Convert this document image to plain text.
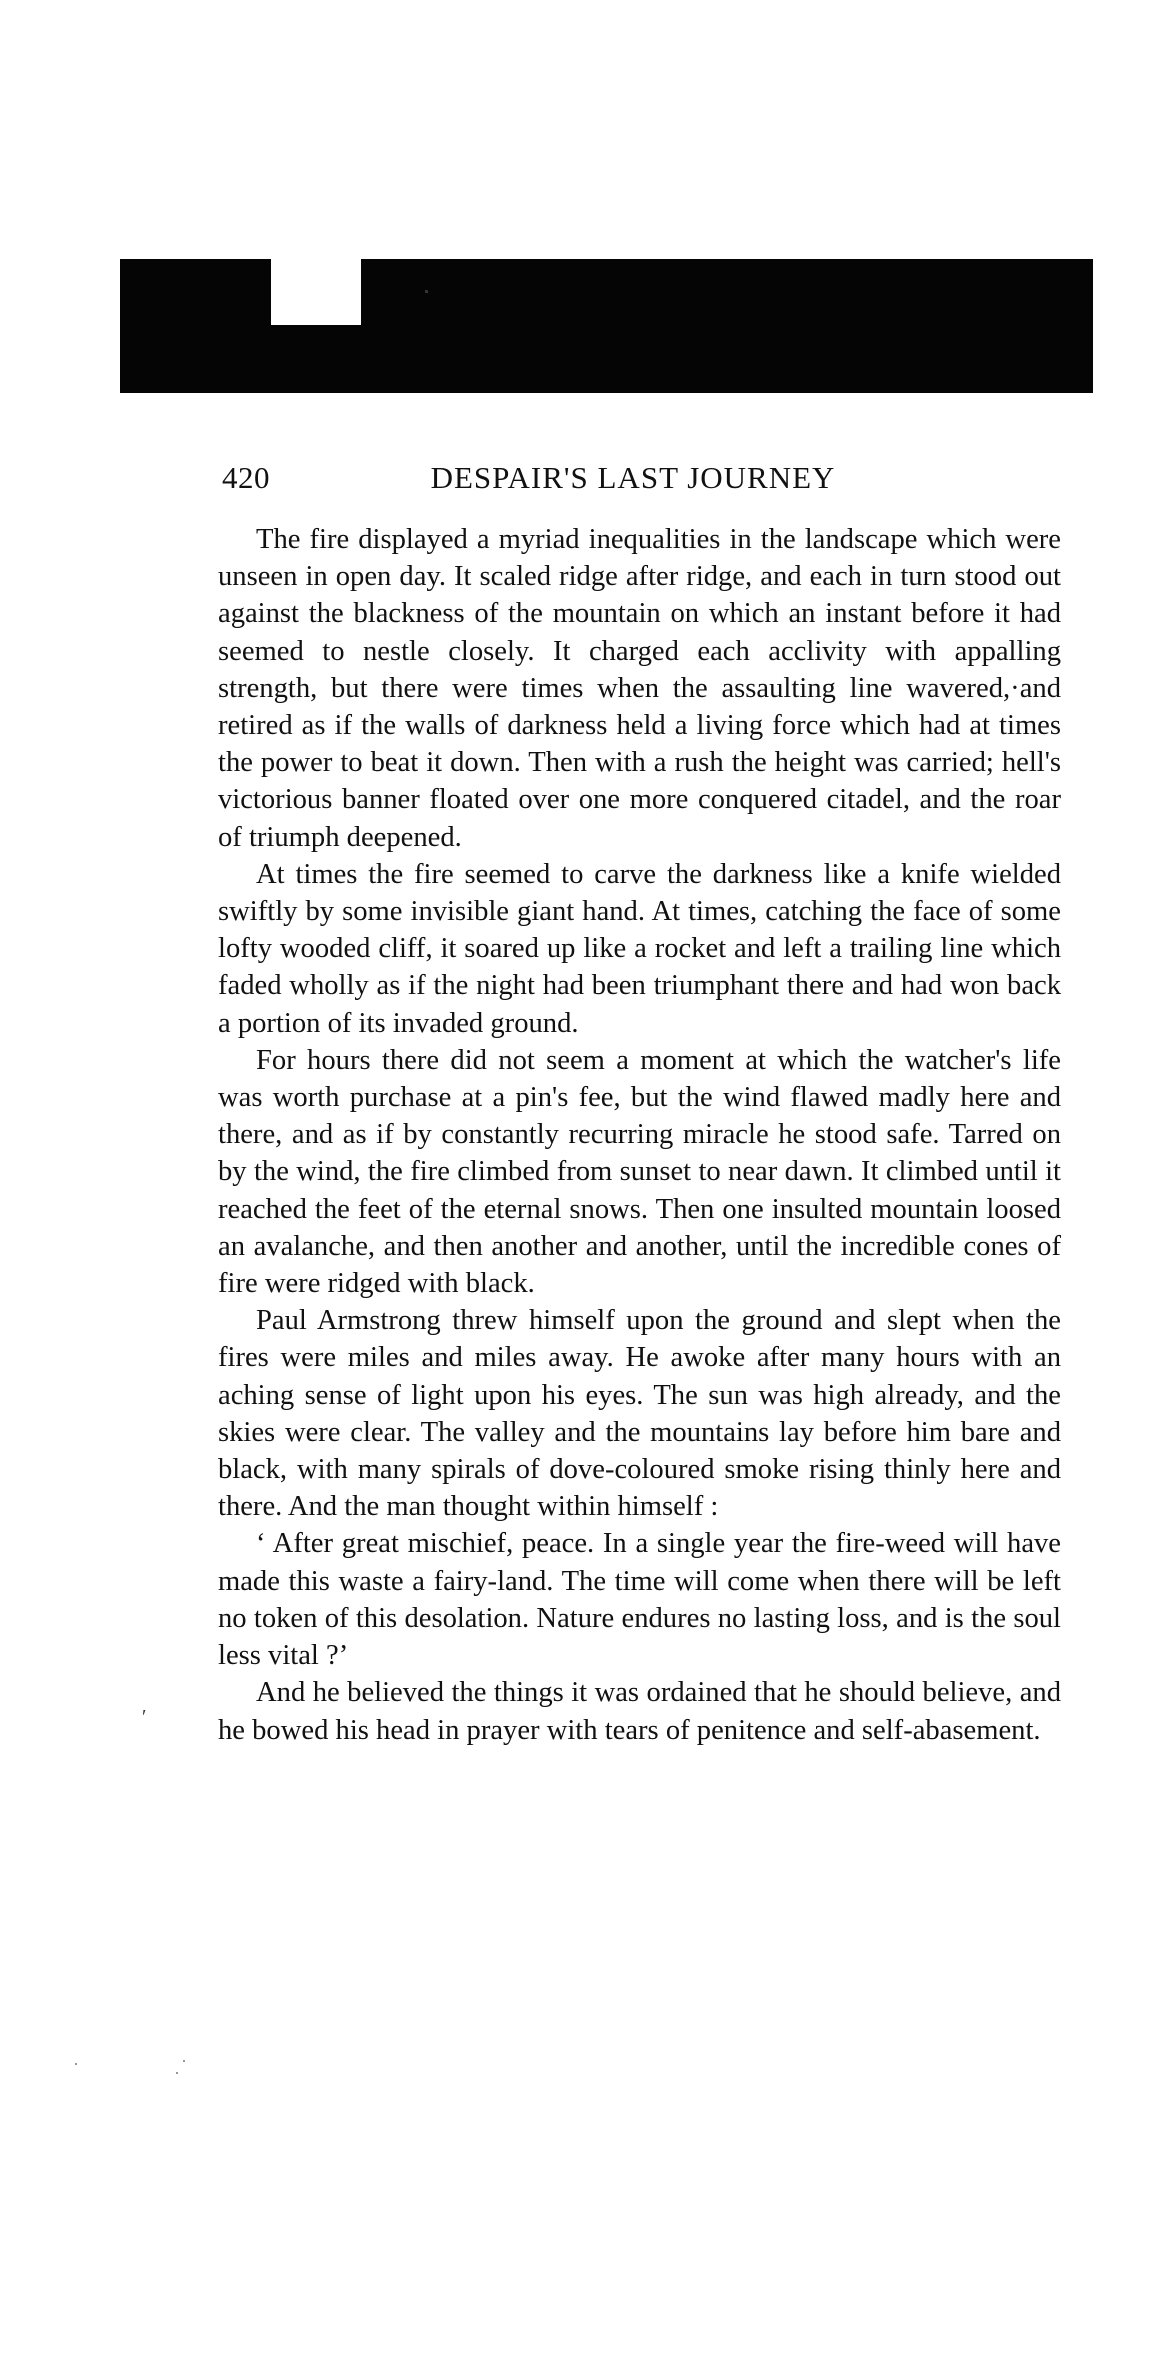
420	DESPAIR'S LAST JOURNEY

The fire displayed a myriad inequalities in the landscape which were unseen in open day. It scaled ridge after ridge, and each in turn stood out against the blackness of the mountain on which an instant before it had seemed to nestle closely. It charged each acclivity with appalling strength, but there were times when the assaulting line wavered,·and retired as if the walls of darkness held a living force which had at times the power to beat it down. Then with a rush the height was carried; hell's victorious banner floated over one more conquered citadel, and the roar of triumph deepened.

At times the fire seemed to carve the darkness like a knife wielded swiftly by some invisible giant hand. At times, catching the face of some lofty wooded cliff, it soared up like a rocket and left a trailing line which faded wholly as if the night had been triumphant there and had won back a portion of its invaded ground.

For hours there did not seem a moment at which the watcher's life was worth purchase at a pin's fee, but the wind flawed madly here and there, and as if by constantly recurring miracle he stood safe. Tarred on by the wind, the fire climbed from sunset to near dawn. It climbed until it reached the feet of the eternal snows. Then one insulted mountain loosed an avalanche, and then another and another, until the incredible cones of fire were ridged with black.

Paul Armstrong threw himself upon the ground and slept when the fires were miles and miles away. He awoke after many hours with an aching sense of light upon his eyes. The sun was high already, and the skies were clear. The valley and the mountains lay before him bare and black, with many spirals of dove-coloured smoke rising thinly here and there. And the man thought within himself :

‘ After great mischief, peace. In a single year the fire-weed will have made this waste a fairy-land. The time will come when there will be left no token of this desolation. Nature endures no lasting loss, and is the soul less vital ?’

And he believed the things it was ordained that he should believe, and he bowed his head in prayer with tears of penitence and self-abasement.

′
